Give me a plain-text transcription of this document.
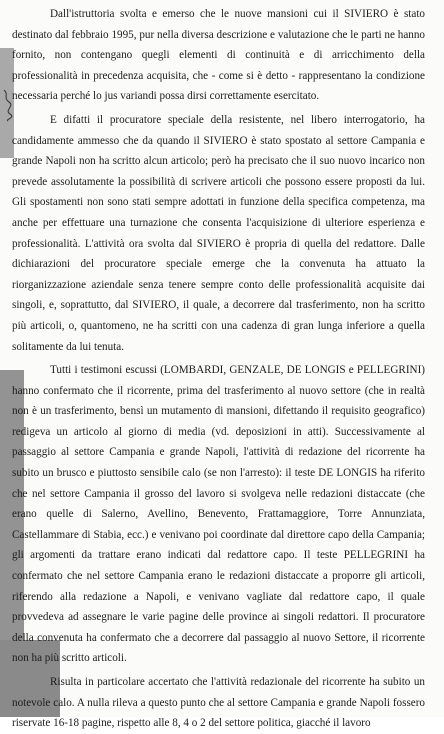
Dall'istruttoria svolta e emerso che le nuove mansioni cui il SIVIERO è stato destinato dal febbraio 1995, pur nella diversa descrizione e valutazione che le parti ne hanno fornito, non contengano quegli elementi di continuità e di arricchimento della professionalità in precedenza acquisita, che - come si è detto - rappresentano la condizione necessaria perché lo jus variandi possa dirsi correttamente esercitato.

E difatti il procuratore speciale della resistente, nel libero interrogatorio, ha candidamente ammesso che da quando il SIVIERO è stato spostato al settore Campania e grande Napoli non ha scritto alcun articolo; però ha precisato che il suo nuovo incarico non prevede assolutamente la possibilità di scrivere articoli che possono essere proposti da lui. Gli spostamenti non sono stati sempre adottati in funzione della specifica competenza, ma anche per effettuare una turnazione che consenta l'acquisizione di ulteriore esperienza e professionalità. L'attività ora svolta dal SIVIERO è propria di quella del redattore. Dalle dichiarazioni del procuratore speciale emerge che la convenuta ha attuato la riorganizzazione aziendale senza tenere sempre conto delle professionalità acquisite dai singoli, e, soprattutto, dal SIVIERO, il quale, a decorrere dal trasferimento, non ha scritto più articoli, o, quantomeno, ne ha scritti con una cadenza di gran lunga inferiore a quella solitamente da lui tenuta.

Tutti i testimoni escussi (LOMBARDI, GENZALE, DE LONGIS e PELLEGRINI) hanno confermato che il ricorrente, prima del trasferimento al nuovo settore (che in realtà non è un trasferimento, bensì un mutamento di mansioni, difettando il requisito geografico) redigeva un articolo al giorno di media (vd. deposizioni in atti). Successivamente al passaggio al settore Campania e grande Napoli, l'attività di redazione del ricorrente ha subito un brusco e piuttosto sensibile calo (se non l'arresto): il teste DE LONGIS ha riferito che nel settore Campania il grosso del lavoro si svolgeva nelle redazioni distaccate (che erano quelle di Salerno, Avellino, Benevento, Frattamaggiore, Torre Annunziata, Castellammare di Stabia, ecc.) e venivano poi coordinate dal direttore capo della Campania; gli argomenti da trattare erano indicati dal redattore capo. Il teste PELLEGRINI ha confermato che nel settore Campania erano le redazioni distaccate a proporre gli articoli, riferendo alla redazione a Napoli, e venivano vagliate dal redattore capo, il quale provvedeva ad assegnare le varie pagine delle province ai singoli redattori. Il procuratore della convenuta ha confermato che a decorrere dal passaggio al nuovo Settore, il ricorrente non ha più scritto articoli.

Risulta in particolare accertato che l'attività redazionale del ricorrente ha subito un notevole calo. A nulla rileva a questo punto che al settore Campania e grande Napoli fossero riservate 16-18 pagine, rispetto alle 8, 4 o 2 del settore politica, giacché il lavoro
